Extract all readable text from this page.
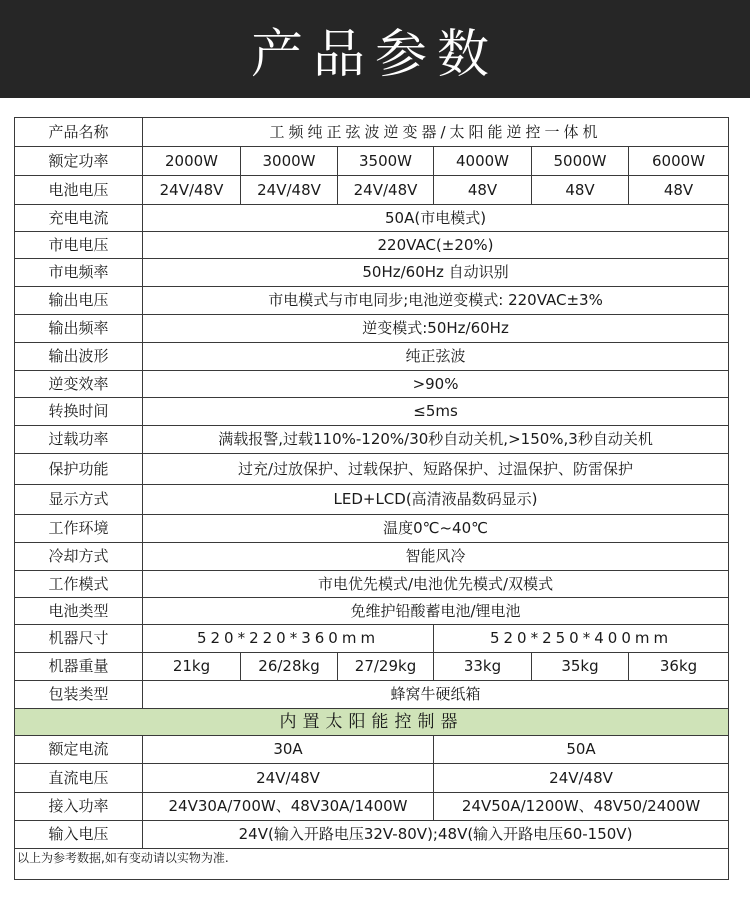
产品参数
产品名称	工频纯正弦波逆变器/太阳能逆控一体机					
额定功率	2000W	3000W	3500W	4000W	5000W	6000W
电池电压	24V/48V	24V/48V	24V/48V	48V	48V	48V
充电电流	50A(市电模式)					
市电电压	220VAC(±20%)					
市电频率	50Hz/60Hz 自动识别					
输出电压	市电模式与市电同步;电池逆变模式: 220VAC±3%					
输出频率	逆变模式:50Hz/60Hz					
输出波形	纯正弦波					
逆变效率	>90%					
转换时间	≤5ms					
过载功率	满载报警,过载110%-120%/30秒自动关机,>150%,3秒自动关机					
保护功能	过充/过放保护、过载保护、短路保护、过温保护、防雷保护					
显示方式	LED+LCD(高清液晶数码显示)					
工作环境	温度0℃~40℃					
冷却方式	智能风冷					
工作模式	市电优先模式/电池优先模式/双模式					
电池类型	免维护铅酸蓄电池/锂电池					
机器尺寸	520*220*360mm			520*250*400mm		
机器重量	21kg	26/28kg	27/29kg	33kg	35kg	36kg
包装类型	蜂窝牛硬纸箱					
内置太阳能控制器						
额定电流	30A			50A		
直流电压	24V/48V			24V/48V		
接入功率	24V30A/700W、48V30A/1400W			24V50A/1200W、48V50/2400W		
输入电压	24V(输入开路电压32V-80V);48V(输入开路电压60-150V)					
以上为参考数据,如有变动请以实物为准.						
